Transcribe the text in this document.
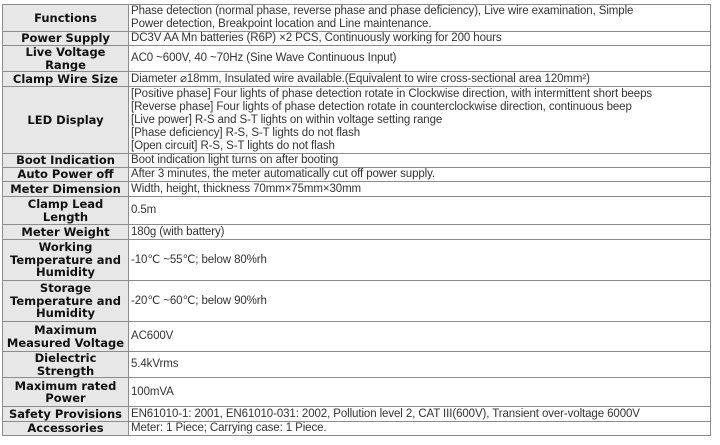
Functions	Phase detection (normal phase, reverse phase and phase deficiency), Live wire examination, Simple
Power detection, Breakpoint location and Line maintenance.

Power Supply	DC3V AA Mn batteries (R6P) ×2 PCS, Continuously working for 200 hours

Live Voltage Range	AC0 ~600V, 40 ~70Hz (Sine Wave Continuous Input)

Clamp Wire Size	Diameter ⌀18mm, Insulated wire available.(Equivalent to wire cross-sectional area 120mm²)

LED Display	[Positive phase] Four lights of phase detection rotate in Clockwise direction, with intermittent short beeps
[Reverse phase] Four lights of phase detection rotate in counterclockwise direction, continuous beep
[Live power] R-S and S-T lights on within voltage setting range
[Phase deficiency] R-S, S-T lights do not flash
[Open circuit] R-S, S-T lights do not flash

Boot Indication	Boot indication light turns on after booting

Auto Power off	After 3 minutes, the meter automatically cut off power supply.

Meter Dimension	Width, height, thickness 70mm×75mm×30mm

Clamp Lead Length	0.5m

Meter Weight	180g (with battery)

Working Temperature and Humidity	-10℃ ~55℃; below 80%rh

Storage Temperature and Humidity	-20℃ ~60℃; below 90%rh

Maximum Measured Voltage	AC600V

Dielectric Strength	5.4kVrms

Maximum rated Power	100mVA

Safety Provisions	EN61010-1: 2001, EN61010-031: 2002, Pollution level 2, CAT III(600V), Transient over-voltage 6000V

Accessories	Meter: 1 Piece; Carrying case: 1 Piece.
